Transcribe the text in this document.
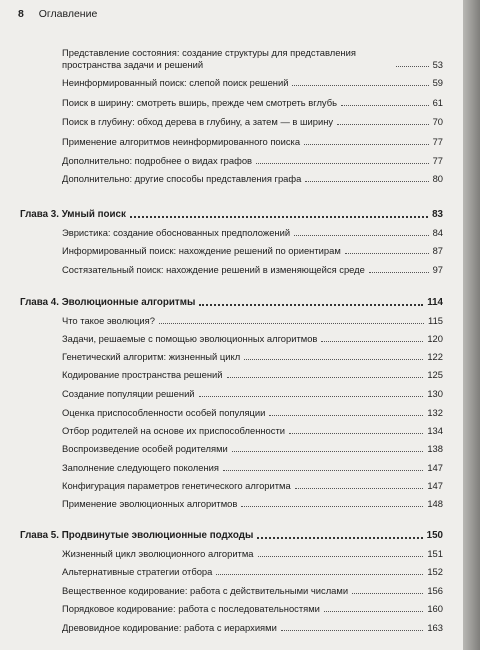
8 Оглавление
Представление состояния: создание структуры для представления пространства задачи и решений	53
Неинформированный поиск: слепой поиск решений	59
Поиск в ширину: смотреть вширь, прежде чем смотреть вглубь	61
Поиск в глубину: обход дерева в глубину, а затем — в ширину	70
Применение алгоритмов неинформированного поиска	77
Дополнительно: подробнее о видах графов	77
Дополнительно: другие способы представления графа	80
Глава 3. Умный поиск	83
Эвристика: создание обоснованных предположений	84
Информированный поиск: нахождение решений по ориентирам	87
Состязательный поиск: нахождение решений в изменяющейся среде	97
Глава 4. Эволюционные алгоритмы	114
Что такое эволюция?	115
Задачи, решаемые с помощью эволюционных алгоритмов	120
Генетический алгоритм: жизненный цикл	122
Кодирование пространства решений	125
Создание популяции решений	130
Оценка приспособленности особей популяции	132
Отбор родителей на основе их приспособленности	134
Воспроизведение особей родителями	138
Заполнение следующего поколения	147
Конфигурация параметров генетического алгоритма	147
Применение эволюционных алгоритмов	148
Глава 5. Продвинутые эволюционные подходы	150
Жизненный цикл эволюционного алгоритма	151
Альтернативные стратегии отбора	152
Вещественное кодирование: работа с действительными числами	156
Порядковое кодирование: работа с последовательностями	160
Древовидное кодирование: работа с иерархиями	163
